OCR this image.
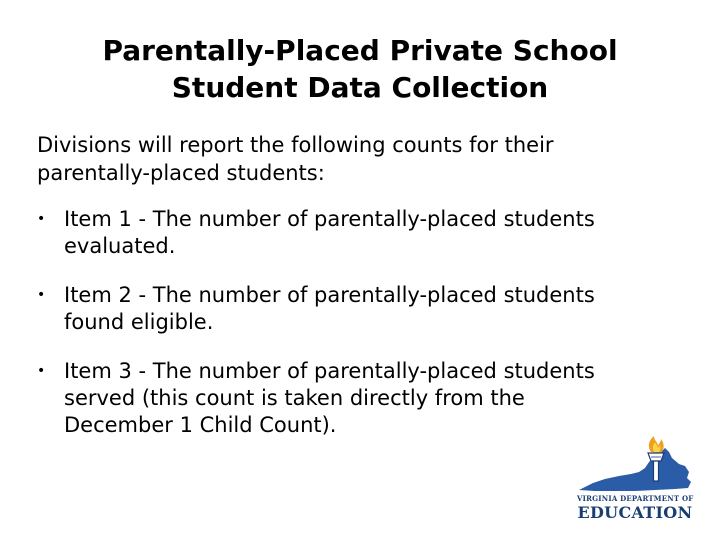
Parentally-Placed Private School
Student Data Collection
Divisions will report the following counts for their
parentally-placed students:
• Item 1 - The number of parentally-placed students
evaluated.
• Item 2 - The number of parentally-placed students
found eligible.
• Item 3 - The number of parentally-placed students
served (this count is taken directly from the
December 1 Child Count).
VIRGINIA DEPARTMENT OF
EDUCATION
